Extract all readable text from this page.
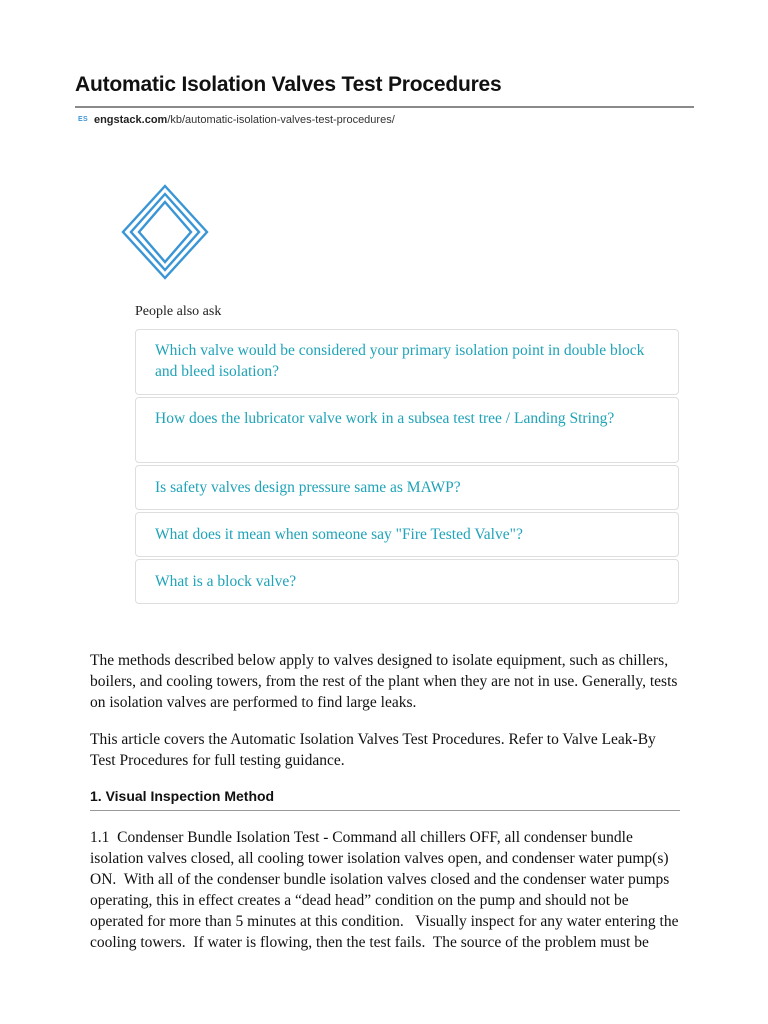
Automatic Isolation Valves Test Procedures
ES engstack.com /kb/automatic-isolation-valves-test-procedures/
People also ask
Which valve would be considered your primary isolation point in double block and bleed isolation?
How does the lubricator valve work in a subsea test tree / Landing String?
Is safety valves design pressure same as MAWP?
What does it mean when someone say "Fire Tested Valve"?
What is a block valve?

The methods described below apply to valves designed to isolate equipment, such as chillers, boilers, and cooling towers, from the rest of the plant when they are not in use. Generally, tests on isolation valves are performed to find large leaks.

This article covers the Automatic Isolation Valves Test Procedures. Refer to Valve Leak-By Test Procedures for full testing guidance.

1. Visual Inspection Method

1.1  Condenser Bundle Isolation Test - Command all chillers OFF, all condenser bundle isolation valves closed, all cooling tower isolation valves open, and condenser water pump(s) ON.  With all of the condenser bundle isolation valves closed and the condenser water pumps operating, this in effect creates a “dead head” condition on the pump and should not be operated for more than 5 minutes at this condition.   Visually inspect for any water entering the cooling towers.  If water is flowing, then the test fails.  The source of the problem must be
